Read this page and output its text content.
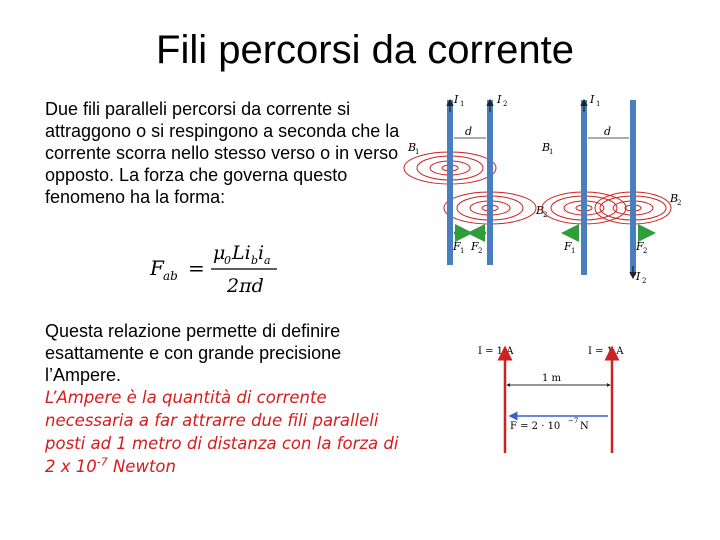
Fili percorsi da corrente
Due fili paralleli percorsi da corrente si attraggono o si respingono a seconda che la corrente scorra nello stesso verso o in verso opposto. La forza che governa questo fenomeno ha la forma:
F ab =
μ
0 Li b i a
2πd
Questa relazione permette di definire esattamente e con grande precisione l’Ampere.
L’Ampere è la quantità di corrente necessaria a far attrarre due fili paralleli posti ad 1 metro di distanza con la forza di 2 x $10^{-7}$ Newton
I 1	I 2
d
B
1
B
2
F 1 F 2
I 1
I 2
d
B
1
B
2
F 1	F 2
I = 1 A	I = 1 A
1 m
F = 2 · 10 −7 N
